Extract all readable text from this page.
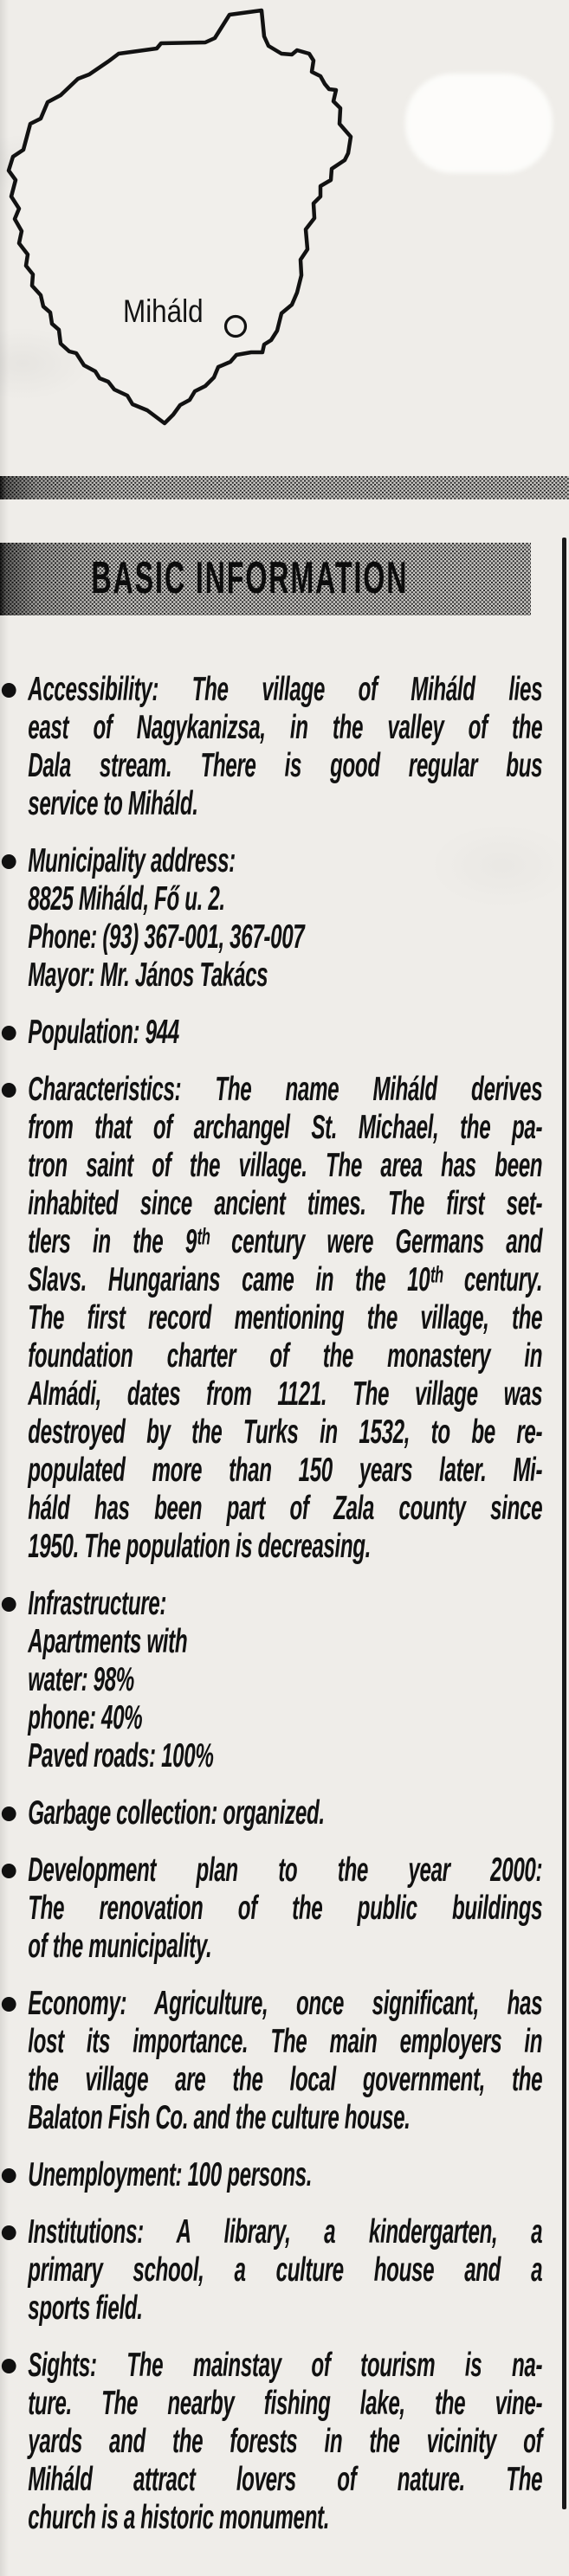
Miháld
BASIC INFORMATION
Accessibility: The village of Miháld lies
east of Nagykanizsa, in the valley of the
Dala stream. There is good regular bus
service to Miháld.
Municipality address:
8825 Miháld, Fő u. 2.
Phone: (93) 367-001, 367-007
Mayor: Mr. János Takács
Population: 944
Characteristics: The name Miháld derives
from that of archangel St. Michael, the pa-
tron saint of the village. The area has been
inhabited since ancient times. The first set-
tlers in the 9ᵗʰ century were Germans and
Slavs. Hungarians came in the 10ᵗʰ century.
The first record mentioning the village, the
foundation charter of the monastery in
Almádi, dates from 1121. The village was
destroyed by the Turks in 1532, to be re-
populated more than 150 years later. Mi-
háld has been part of Zala county since
1950. The population is decreasing.
Infrastructure:
Apartments with
water: 98%
phone: 40%
Paved roads: 100%
Garbage collection: organized.
Development plan to the year 2000:
The renovation of the public buildings
of the municipality.
Economy: Agriculture, once significant, has
lost its importance. The main employers in
the village are the local government, the
Balaton Fish Co. and the culture house.
Unemployment: 100 persons.
Institutions: A library, a kindergarten, a
primary school, a culture house and a
sports field.
Sights: The mainstay of tourism is na-
ture. The nearby fishing lake, the vine-
yards and the forests in the vicinity of
Miháld attract lovers of nature. The
church is a historic monument.
